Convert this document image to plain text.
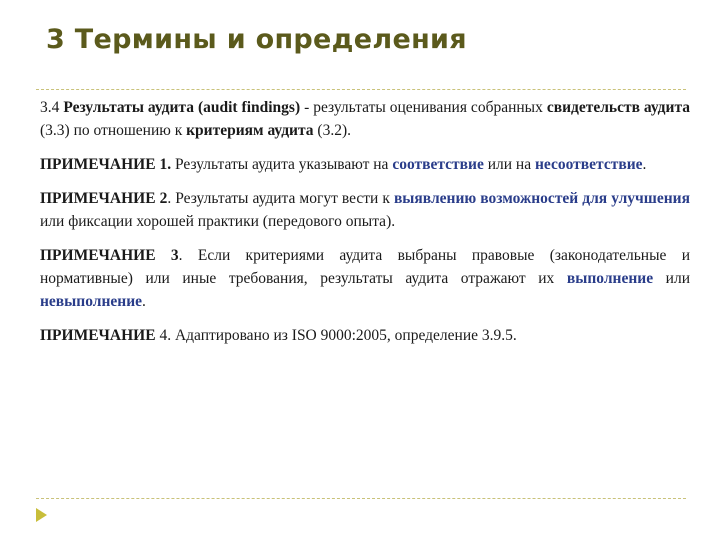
3 Термины и определения

3.4 Результаты аудита (audit findings) - результаты оценивания собранных свидетельств аудита (3.3) по отношению к критериям аудита (3.2).

ПРИМЕЧАНИЕ 1. Результаты аудита указывают на соответствие или на несоответствие.

ПРИМЕЧАНИЕ 2. Результаты аудита могут вести к выявлению возможностей для улучшения или фиксации хорошей практики (передового опыта).

ПРИМЕЧАНИЕ 3. Если критериями аудита выбраны правовые (законодательные и нормативные) или иные требования, результаты аудита отражают их выполнение или невыполнение.

ПРИМЕЧАНИЕ 4. Адаптировано из ISO 9000:2005, определение 3.9.5.
